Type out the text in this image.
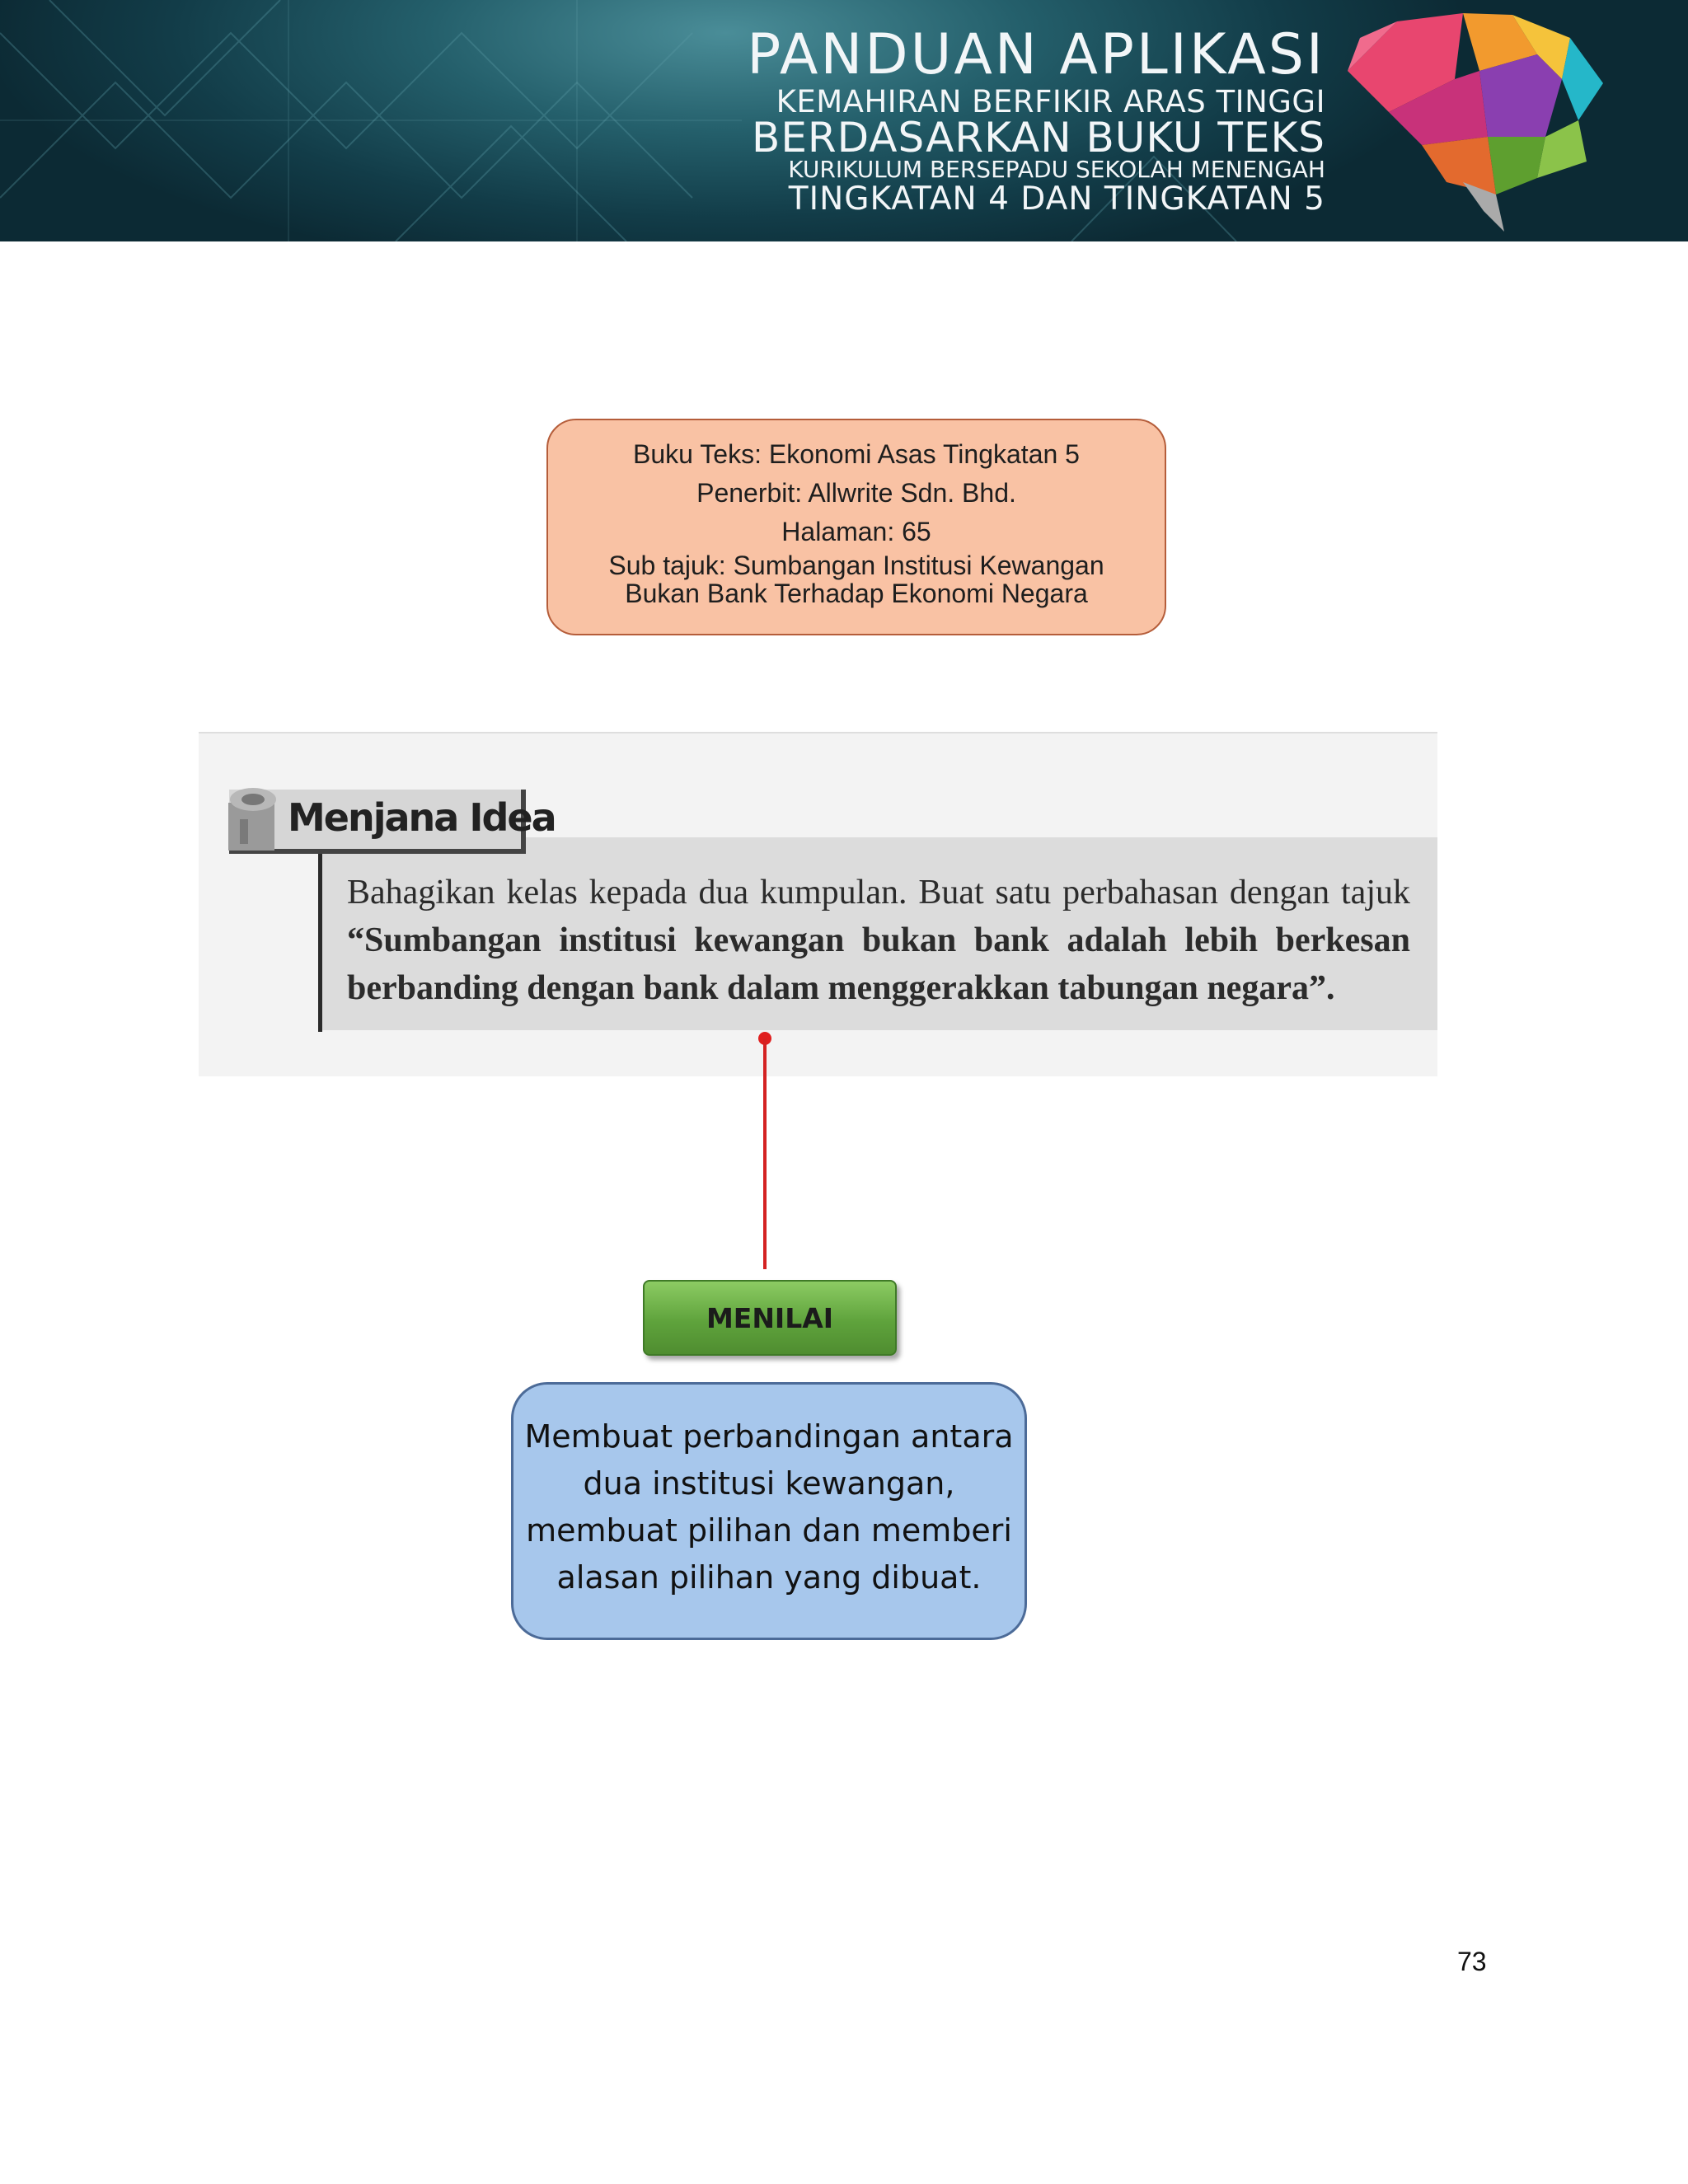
PANDUAN APLIKASI
KEMAHIRAN BERFIKIR ARAS TINGGI
BERDASARKAN BUKU TEKS
KURIKULUM BERSEPADU SEKOLAH MENENGAH
TINGKATAN 4 DAN TINGKATAN 5
Buku Teks: Ekonomi Asas Tingkatan 5
Penerbit: Allwrite Sdn. Bhd.
Halaman: 65
Sub tajuk: Sumbangan Institusi Kewangan
Bukan Bank Terhadap Ekonomi Negara
Menjana Idea
Bahagikan kelas kepada dua kumpulan. Buat satu perbahasan dengan tajuk “Sumbangan institusi kewangan bukan bank adalah lebih berkesan berbanding dengan bank dalam menggerakkan tabungan negara”.
MENILAI
Membuat perbandingan antara dua institusi kewangan, membuat pilihan dan memberi alasan pilihan yang dibuat.
73
